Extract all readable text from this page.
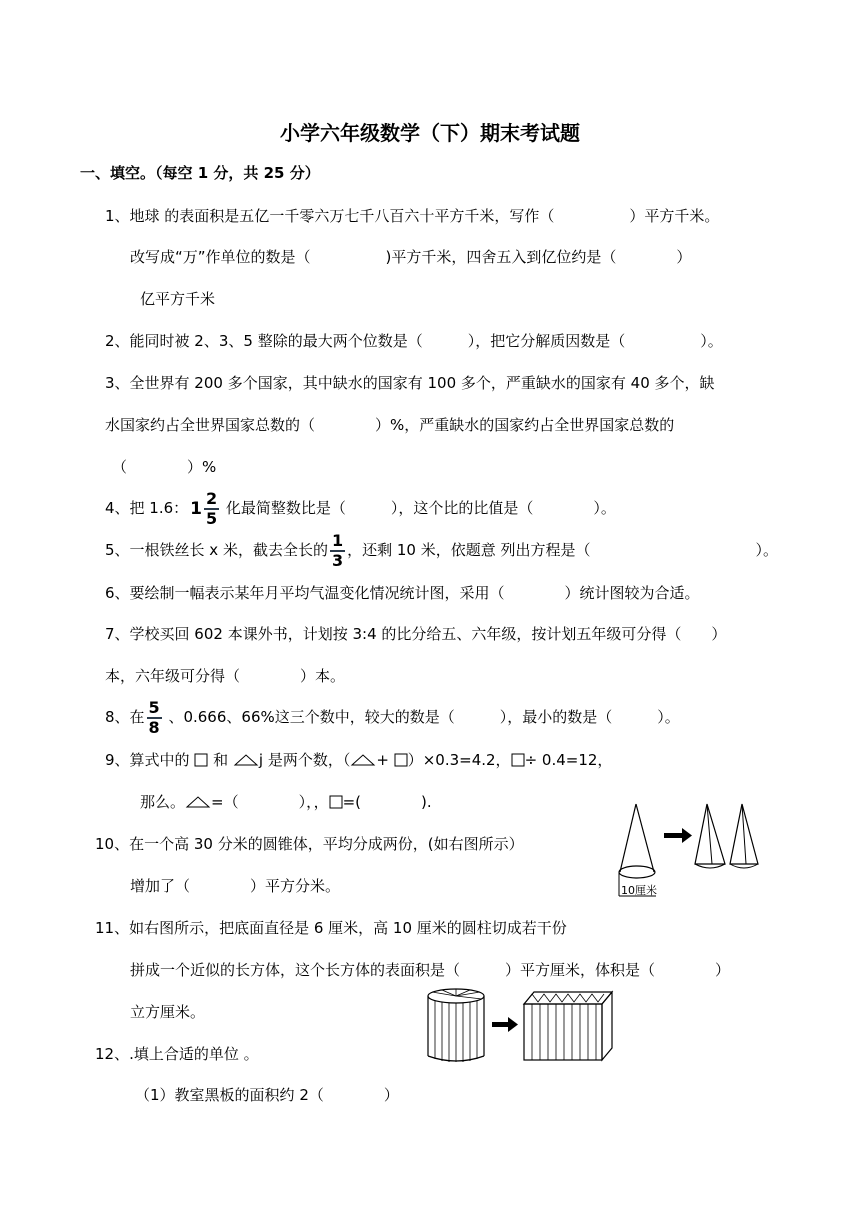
小学六年级数学（下）期末考试题
一、填空。（每空 1 分，共 25 分）
1、地球 的表面积是五亿一千零六万七千八百六十平方千米，写作（　　　　　）平方千米。
改写成“万”作单位的数是（　　　　　)平方千米，四舍五入到亿位约是（　　　　）
亿平方千米
2、能同时被 2、3、5 整除的最大两个位数是（　　　），把它分解质因数是（　　　　　）。
3、全世界有 200 多个国家，其中缺水的国家有 100 多个，严重缺水的国家有 40 多个，缺
水国家约占全世界国家总数的（　　　　）%，严重缺水的国家约占全世界国家总数的
（　　　　）%
4、把 1.6： $1 \frac{2}{5}$ 化最简整数比是（　　　），这个比的比值是（　　　　）。
5、一根铁丝长 x 米，截去全长的 $\frac{1}{3}$ ，还剩 10 米，依题意 列出方程是（　　　　　　　　　　　）。
6、要绘制一幅表示某年月平均气温变化情况统计图，采用（　　　　）统计图较为合适。
7、学校买回 602 本课外书，计划按 3:4 的比分给五、六年级，按计划五年级可分得（　　）
本，六年级可分得（　　　　）本。
8、在 $\frac{5}{8}$ 、0.666、66%这三个数中，较大的数是（　　　），最小的数是（　　　）。
9、算式中的 和 j 是两个数，（ + ）×0.3=4.2， ÷ 0.4=12，
那么。 =（　　　　），， =(　　　　).
10、在一个高 30 分米的圆锥体，平均分成两份，(如右图所示）
增加了（　　　　）平方分米。	10厘米
11、如右图所示，把底面直径是 6 厘米，高 10 厘米的圆柱切成若干份
拼成一个近似的长方体，这个长方体的表面积是（　　　）平方厘米，体积是（　　　　）
立方厘米。
12、.填上合适的单位 。
（1）教室黑板的面积约 2（　　　　）
